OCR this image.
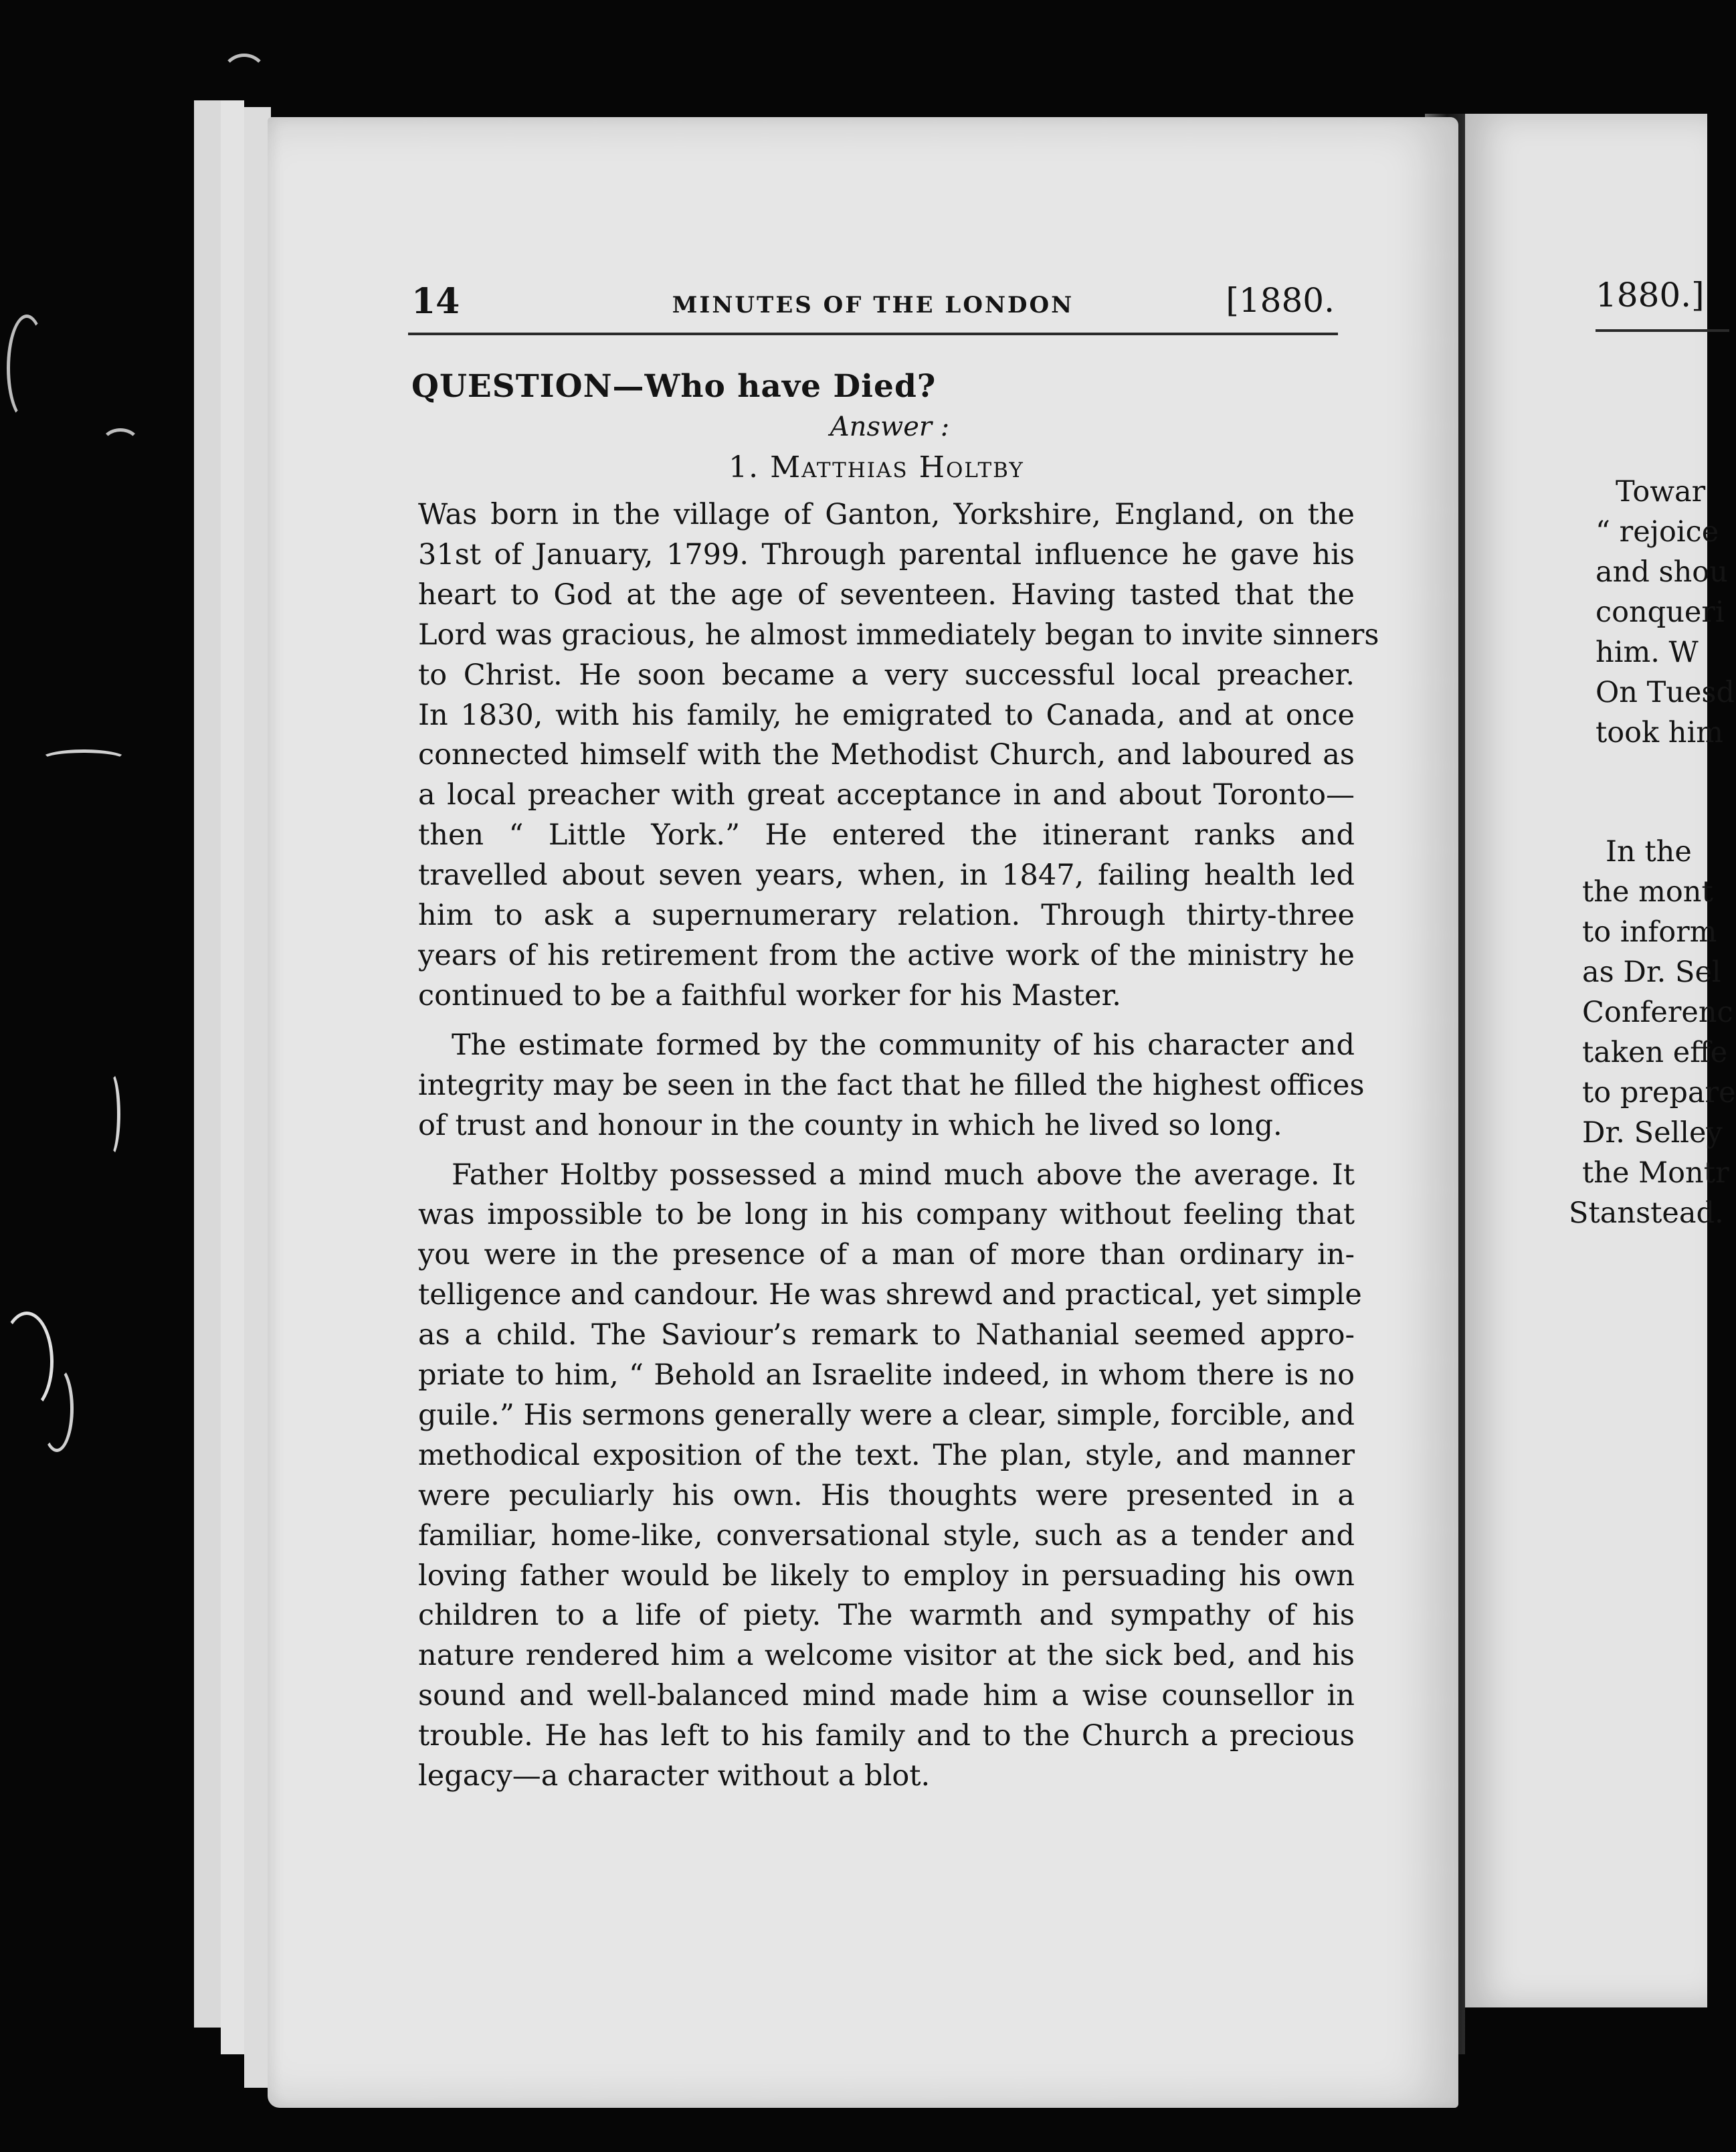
14	MINUTES OF THE LONDON	[1880.
QUESTION—Who have Died?
Answer :
1. Matthias Holtby
Was born in the village of Ganton, Yorkshire, England, on the
31st of January, 1799. Through parental influence he gave his
heart to God at the age of seventeen. Having tasted that the
Lord was gracious, he almost immediately began to invite sinners
to Christ. He soon became a very successful local preacher.
In 1830, with his family, he emigrated to Canada, and at once
connected himself with the Methodist Church, and laboured as
a local preacher with great acceptance in and about Toronto—
then “ Little York.” He entered the itinerant ranks and
travelled about seven years, when, in 1847, failing health led
him to ask a supernumerary relation. Through thirty-three
years of his retirement from the active work of the ministry he
continued to be a faithful worker for his Master.
The estimate formed by the community of his character and
integrity may be seen in the fact that he filled the highest offices
of trust and honour in the county in which he lived so long.
Father Holtby possessed a mind much above the average. It
was impossible to be long in his company without feeling that
you were in the presence of a man of more than ordinary in-
telligence and candour. He was shrewd and practical, yet simple
as a child. The Saviour’s remark to Nathanial seemed appro-
priate to him, “ Behold an Israelite indeed, in whom there is no
guile.” His sermons generally were a clear, simple, forcible, and
methodical exposition of the text. The plan, style, and manner
were peculiarly his own. His thoughts were presented in a
familiar, home-like, conversational style, such as a tender and
loving father would be likely to employ in persuading his own
children to a life of piety. The warmth and sympathy of his
nature rendered him a welcome visitor at the sick bed, and his
sound and well-balanced mind made him a wise counsellor in
trouble. He has left to his family and to the Church a precious
legacy—a character without a blot.
1880.]
Towar
“ rejoice
and shou
conqueri
him. W
On Tuesd
took him
In the
the mont
to inform
as Dr. Sel
Conferenc
taken effe
to prepare
Dr. Selley
the Montr
Stanstead.
